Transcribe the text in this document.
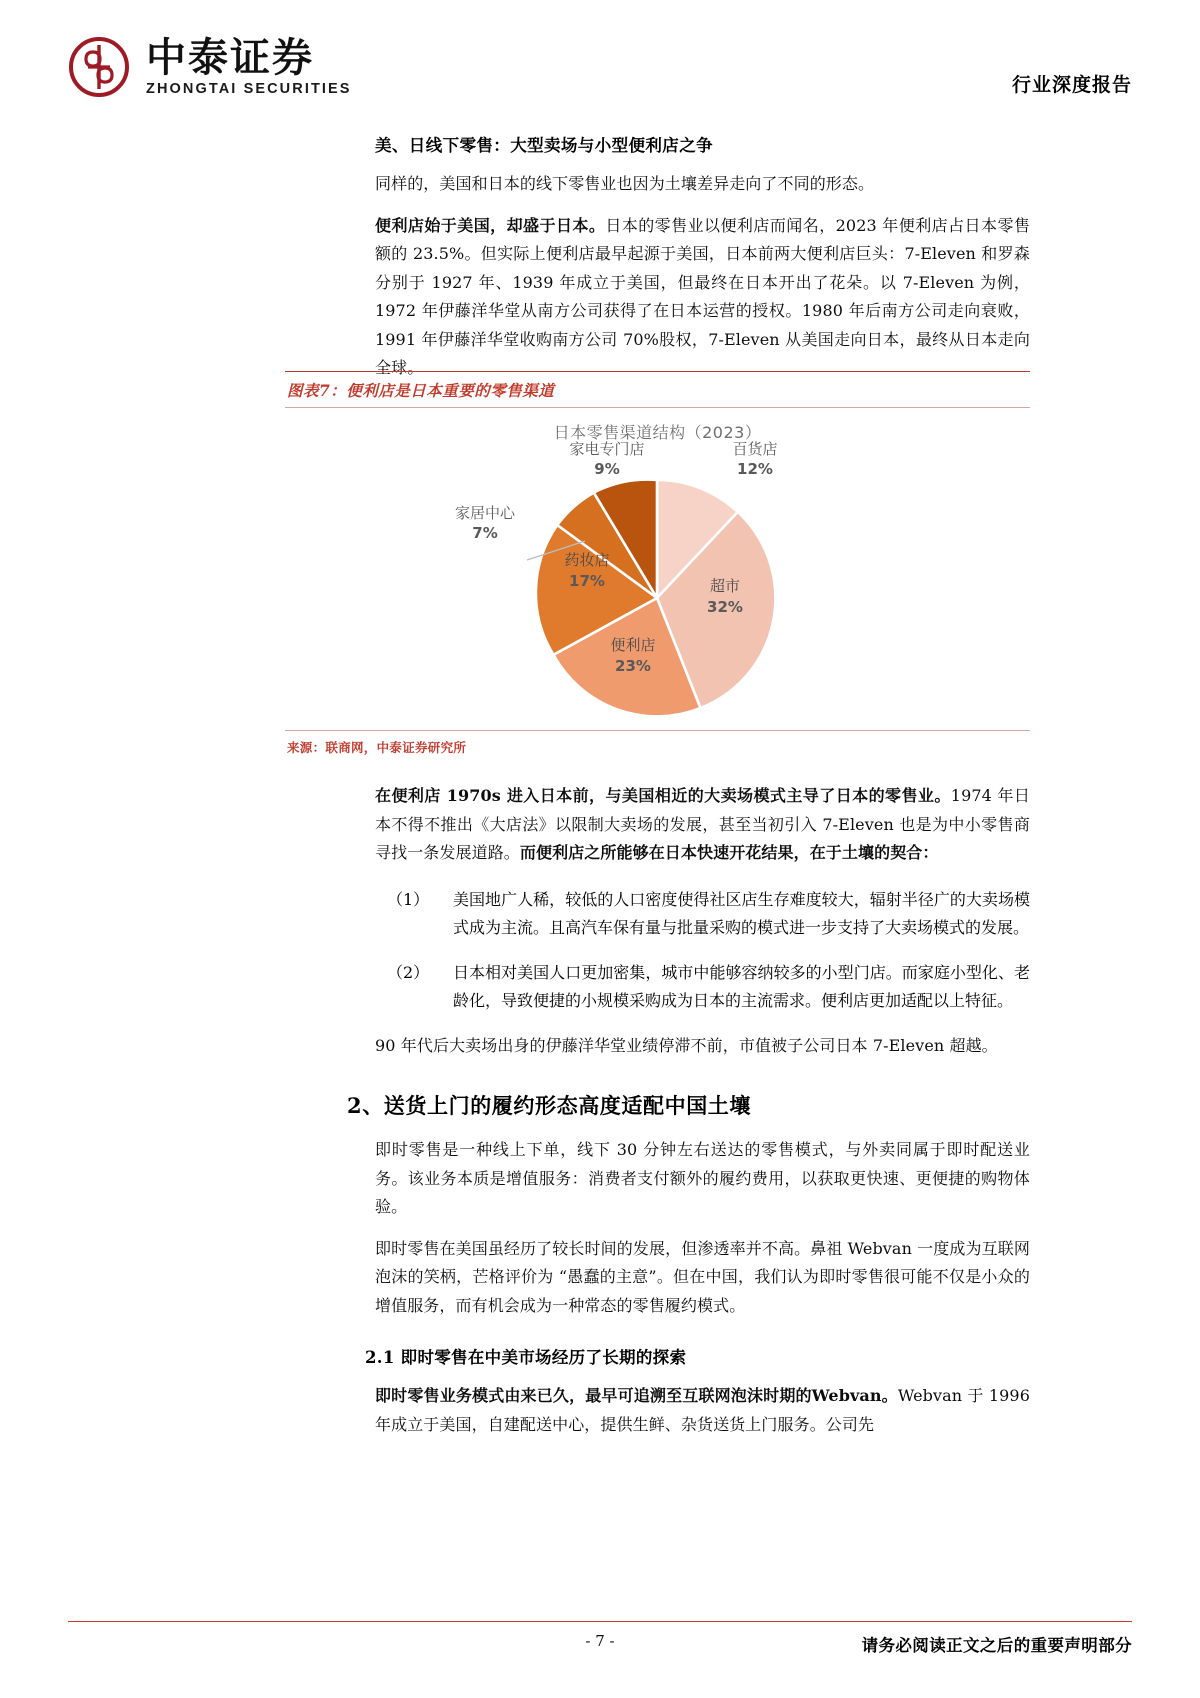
中泰证券
ZHONGTAI SECURITIES	行业深度报告
美、日线下零售：大型卖场与小型便利店之争

同样的，美国和日本的线下零售业也因为土壤差异走向了不同的形态。

便利店始于美国，却盛于日本。日本的零售业以便利店而闻名，2023 年便利店占日本零售额的 23.5%。但实际上便利店最早起源于美国，日本前两大便利店巨头：7-Eleven 和罗森分别于 1927 年、1939 年成立于美国，但最终在日本开出了花朵。以 7-Eleven 为例，1972 年伊藤洋华堂从南方公司获得了在日本运营的授权。1980 年后南方公司走向衰败，1991 年伊藤洋华堂收购南方公司 70%股权，7-Eleven 从美国走向日本，最终从日本走向全球。

图表7：便利店是日本重要的零售渠道
日本零售渠道结构（2023）
家电专门店
9%
百货店
12%
家居中心
7%
药妆店
17%
便利店
23%
超市
32%
来源：联商网，中泰证券研究所

在便利店 1970s 进入日本前，与美国相近的大卖场模式主导了日本的零售业。1974 年日本不得不推出《大店法》以限制大卖场的发展，甚至当初引入 7-Eleven 也是为中小零售商寻找一条发展道路。而便利店之所能够在日本快速开花结果，在于土壤的契合：

（1）	美国地广人稀，较低的人口密度使得社区店生存难度较大，辐射半径广的大卖场模式成为主流。且高汽车保有量与批量采购的模式进一步支持了大卖场模式的发展。
（2）	日本相对美国人口更加密集，城市中能够容纳较多的小型门店。而家庭小型化、老龄化，导致便捷的小规模采购成为日本的主流需求。便利店更加适配以上特征。

90 年代后大卖场出身的伊藤洋华堂业绩停滞不前，市值被子公司日本 7-Eleven 超越。

2、送货上门的履约形态高度适配中国土壤

即时零售是一种线上下单，线下 30 分钟左右送达的零售模式，与外卖同属于即时配送业务。该业务本质是增值服务：消费者支付额外的履约费用，以获取更快速、更便捷的购物体验。

即时零售在美国虽经历了较长时间的发展，但渗透率并不高。鼻祖 Webvan 一度成为互联网泡沫的笑柄，芒格评价为 “愚蠢的主意”。但在中国，我们认为即时零售很可能不仅是小众的增值服务，而有机会成为一种常态的零售履约模式。

2.1 即时零售在中美市场经历了长期的探索

即时零售业务模式由来已久，最早可追溯至互联网泡沫时期的Webvan。Webvan 于 1996 年成立于美国，自建配送中心，提供生鲜、杂货送货上门服务。公司先

- 7 -	请务必阅读正文之后的重要声明部分
